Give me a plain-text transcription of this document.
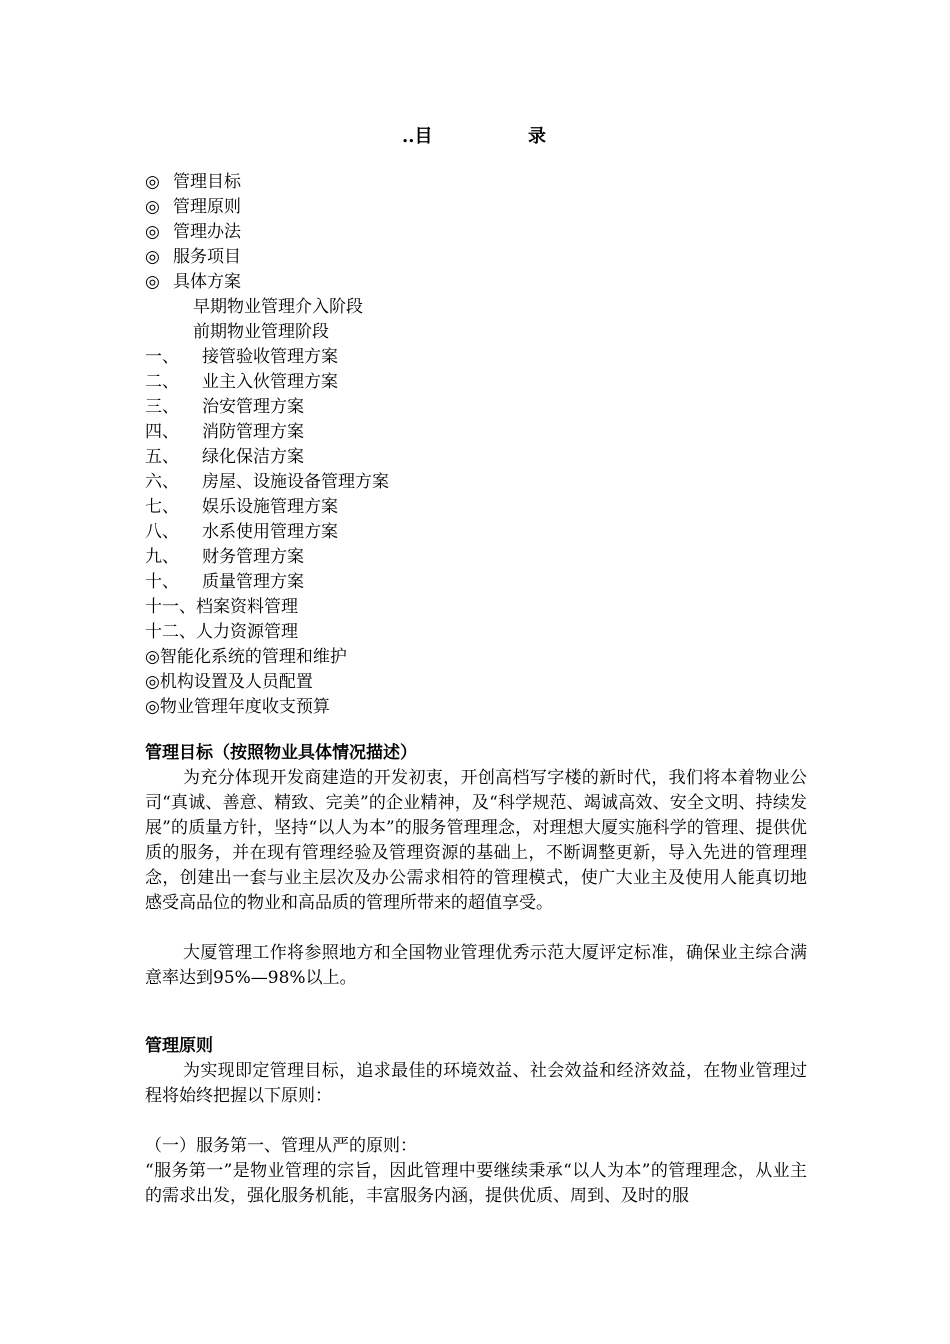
..目	录
◎ 管理目标
◎ 管理原则
◎ 管理办法
◎ 服务项目
◎ 具体方案
早期物业管理介入阶段
前期物业管理阶段
一、 接管验收管理方案
二、 业主入伙管理方案
三、 治安管理方案
四、 消防管理方案
五、 绿化保洁方案
六、 房屋、设施设备管理方案
七、 娱乐设施管理方案
八、 水系使用管理方案
九、 财务管理方案
十、 质量管理方案
十一、档案资料管理
十二、人力资源管理
◎智能化系统的管理和维护
◎机构设置及人员配置
◎物业管理年度收支预算
管理目标（按照物业具体情况描述）
为充分体现开发商建造的开发初衷，开创高档写字楼的新时代，我们将本着物业公司“真诚、善意、精致、完美”的企业精神，及“科学规范、竭诚高效、安全文明、持续发展”的质量方针，坚持“以人为本”的服务管理理念，对理想大厦实施科学的管理、提供优质的服务，并在现有管理经验及管理资源的基础上，不断调整更新，导入先进的管理理念，创建出一套与业主层次及办公需求相符的管理模式，使广大业主及使用人能真切地感受高品位的物业和高品质的管理所带来的超值享受。
大厦管理工作将参照地方和全国物业管理优秀示范大厦评定标准，确保业主综合满意率达到95%—98%以上。
管理原则
为实现即定管理目标，追求最佳的环境效益、社会效益和经济效益，在物业管理过程将始终把握以下原则：
（一）服务第一、管理从严的原则：
“服务第一”是物业管理的宗旨，因此管理中要继续秉承“以人为本”的管理理念，从业主的需求出发，强化服务机能，丰富服务内涵，提供优质、周到、及时的服
